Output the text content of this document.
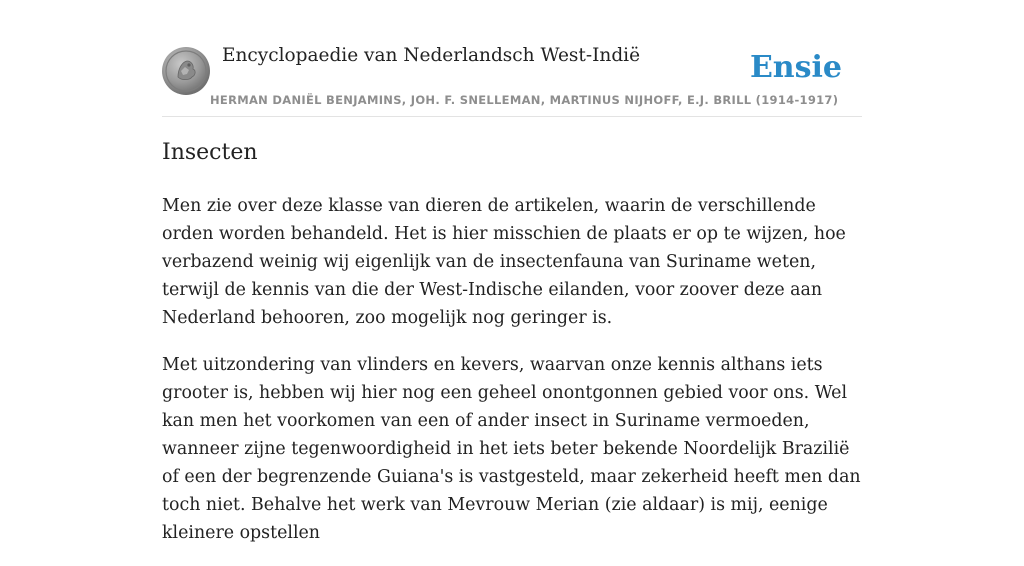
Encyclopaedie van Nederlandsch West-Indië	Ensie
HERMAN DANIËL BENJAMINS, JOH. F. SNELLEMAN, MARTINUS NIJHOFF, E.J. BRILL (1914-1917)
Insecten

Men zie over deze klasse van dieren de artikelen, waarin de verschillende orden worden behandeld. Het is hier misschien de plaats er op te wijzen, hoe verbazend weinig wij eigenlijk van de insectenfauna van Suriname weten, terwijl de kennis van die der West-Indische eilanden, voor zoover deze aan Nederland behooren, zoo mogelijk nog geringer is.

Met uitzondering van vlinders en kevers, waarvan onze kennis althans iets grooter is, hebben wij hier nog een geheel onontgonnen gebied voor ons. Wel kan men het voorkomen van een of ander insect in Suriname vermoeden, wanneer zijne tegenwoordigheid in het iets beter bekende Noordelijk Brazilië of een der begrenzende Guiana's is vastgesteld, maar zekerheid heeft men dan toch niet. Behalve het werk van Mevrouw Merian (zie aldaar) is mij, eenige kleinere opstellen
